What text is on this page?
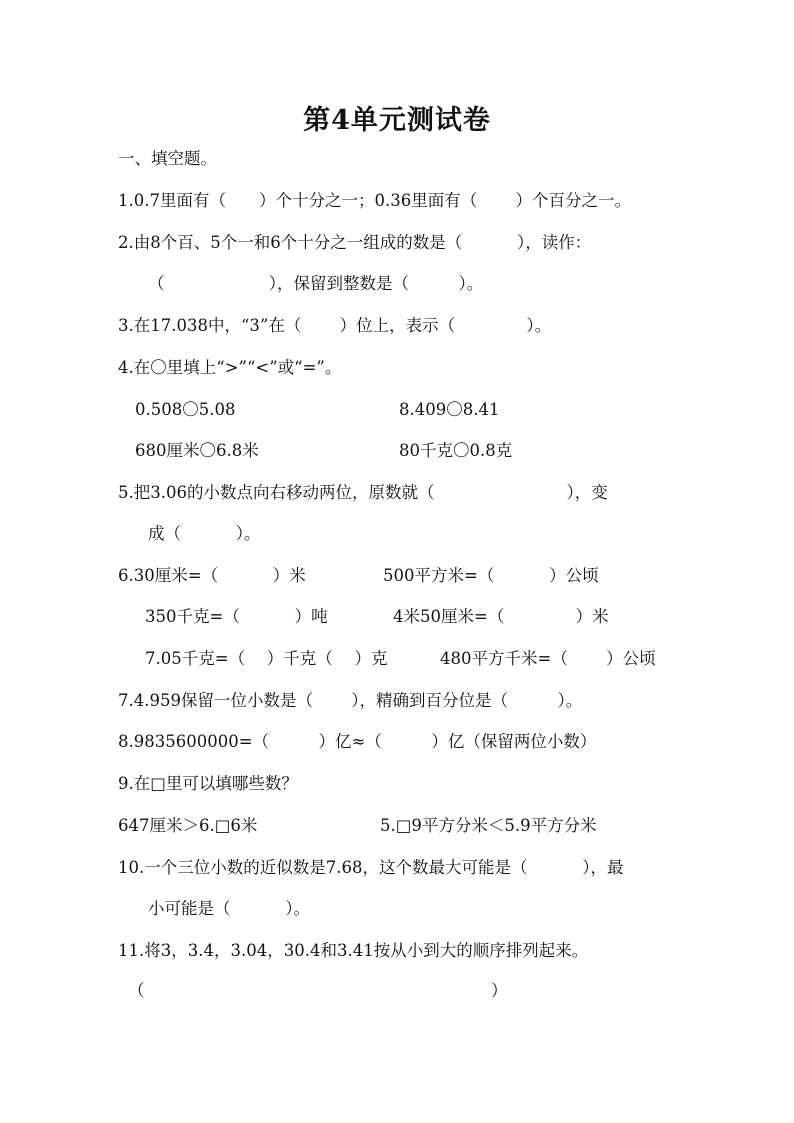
第4单元测试卷
一、填空题。
1.0.7里面有（　　）个十分之一；0.36里面有（　　 ）个百分之一。
2.由8个百、5个一和6个十分之一组成的数是（　　　 ），读作：
（　　　　　　 ），保留到整数是（　　　）。
3.在17.038中，“3”在（　　 ）位上，表示（　　　　 ）。
4.在〇里填上“>”“<”或“=”。
0.508〇5.08	8.409〇8.41
680厘米〇6.8米	80千克〇0.8克
5.把3.06的小数点向右移动两位，原数就（　　　　　　　　），变
成（　　　 ）。
6.30厘米=（　　　 ）米	500平方米=（　　　 ）公顷
350千克=（　　　 ）吨	4米50厘米=（　　　　 ）米
7.05千克=（　 ）千克（　 ）克	480平方千米=（　　 ）公顷
7.4.959保留一位小数是（　　 ），精确到百分位是（　　　）。
8.9835600000=（　　　）亿≈（　　　）亿（保留两位小数）
9.在□里可以填哪些数？
647厘米＞6.□6米	5.□9平方分米＜5.9平方分米
10.一个三位小数的近似数是7.68，这个数最大可能是（　　　 ），最
小可能是（　　　 ）。
11.将3，3.4，3.04，30.4和3.41按从小到大的顺序排列起来。
（　　　　　　　　　　　　　　　　　　　　　）
